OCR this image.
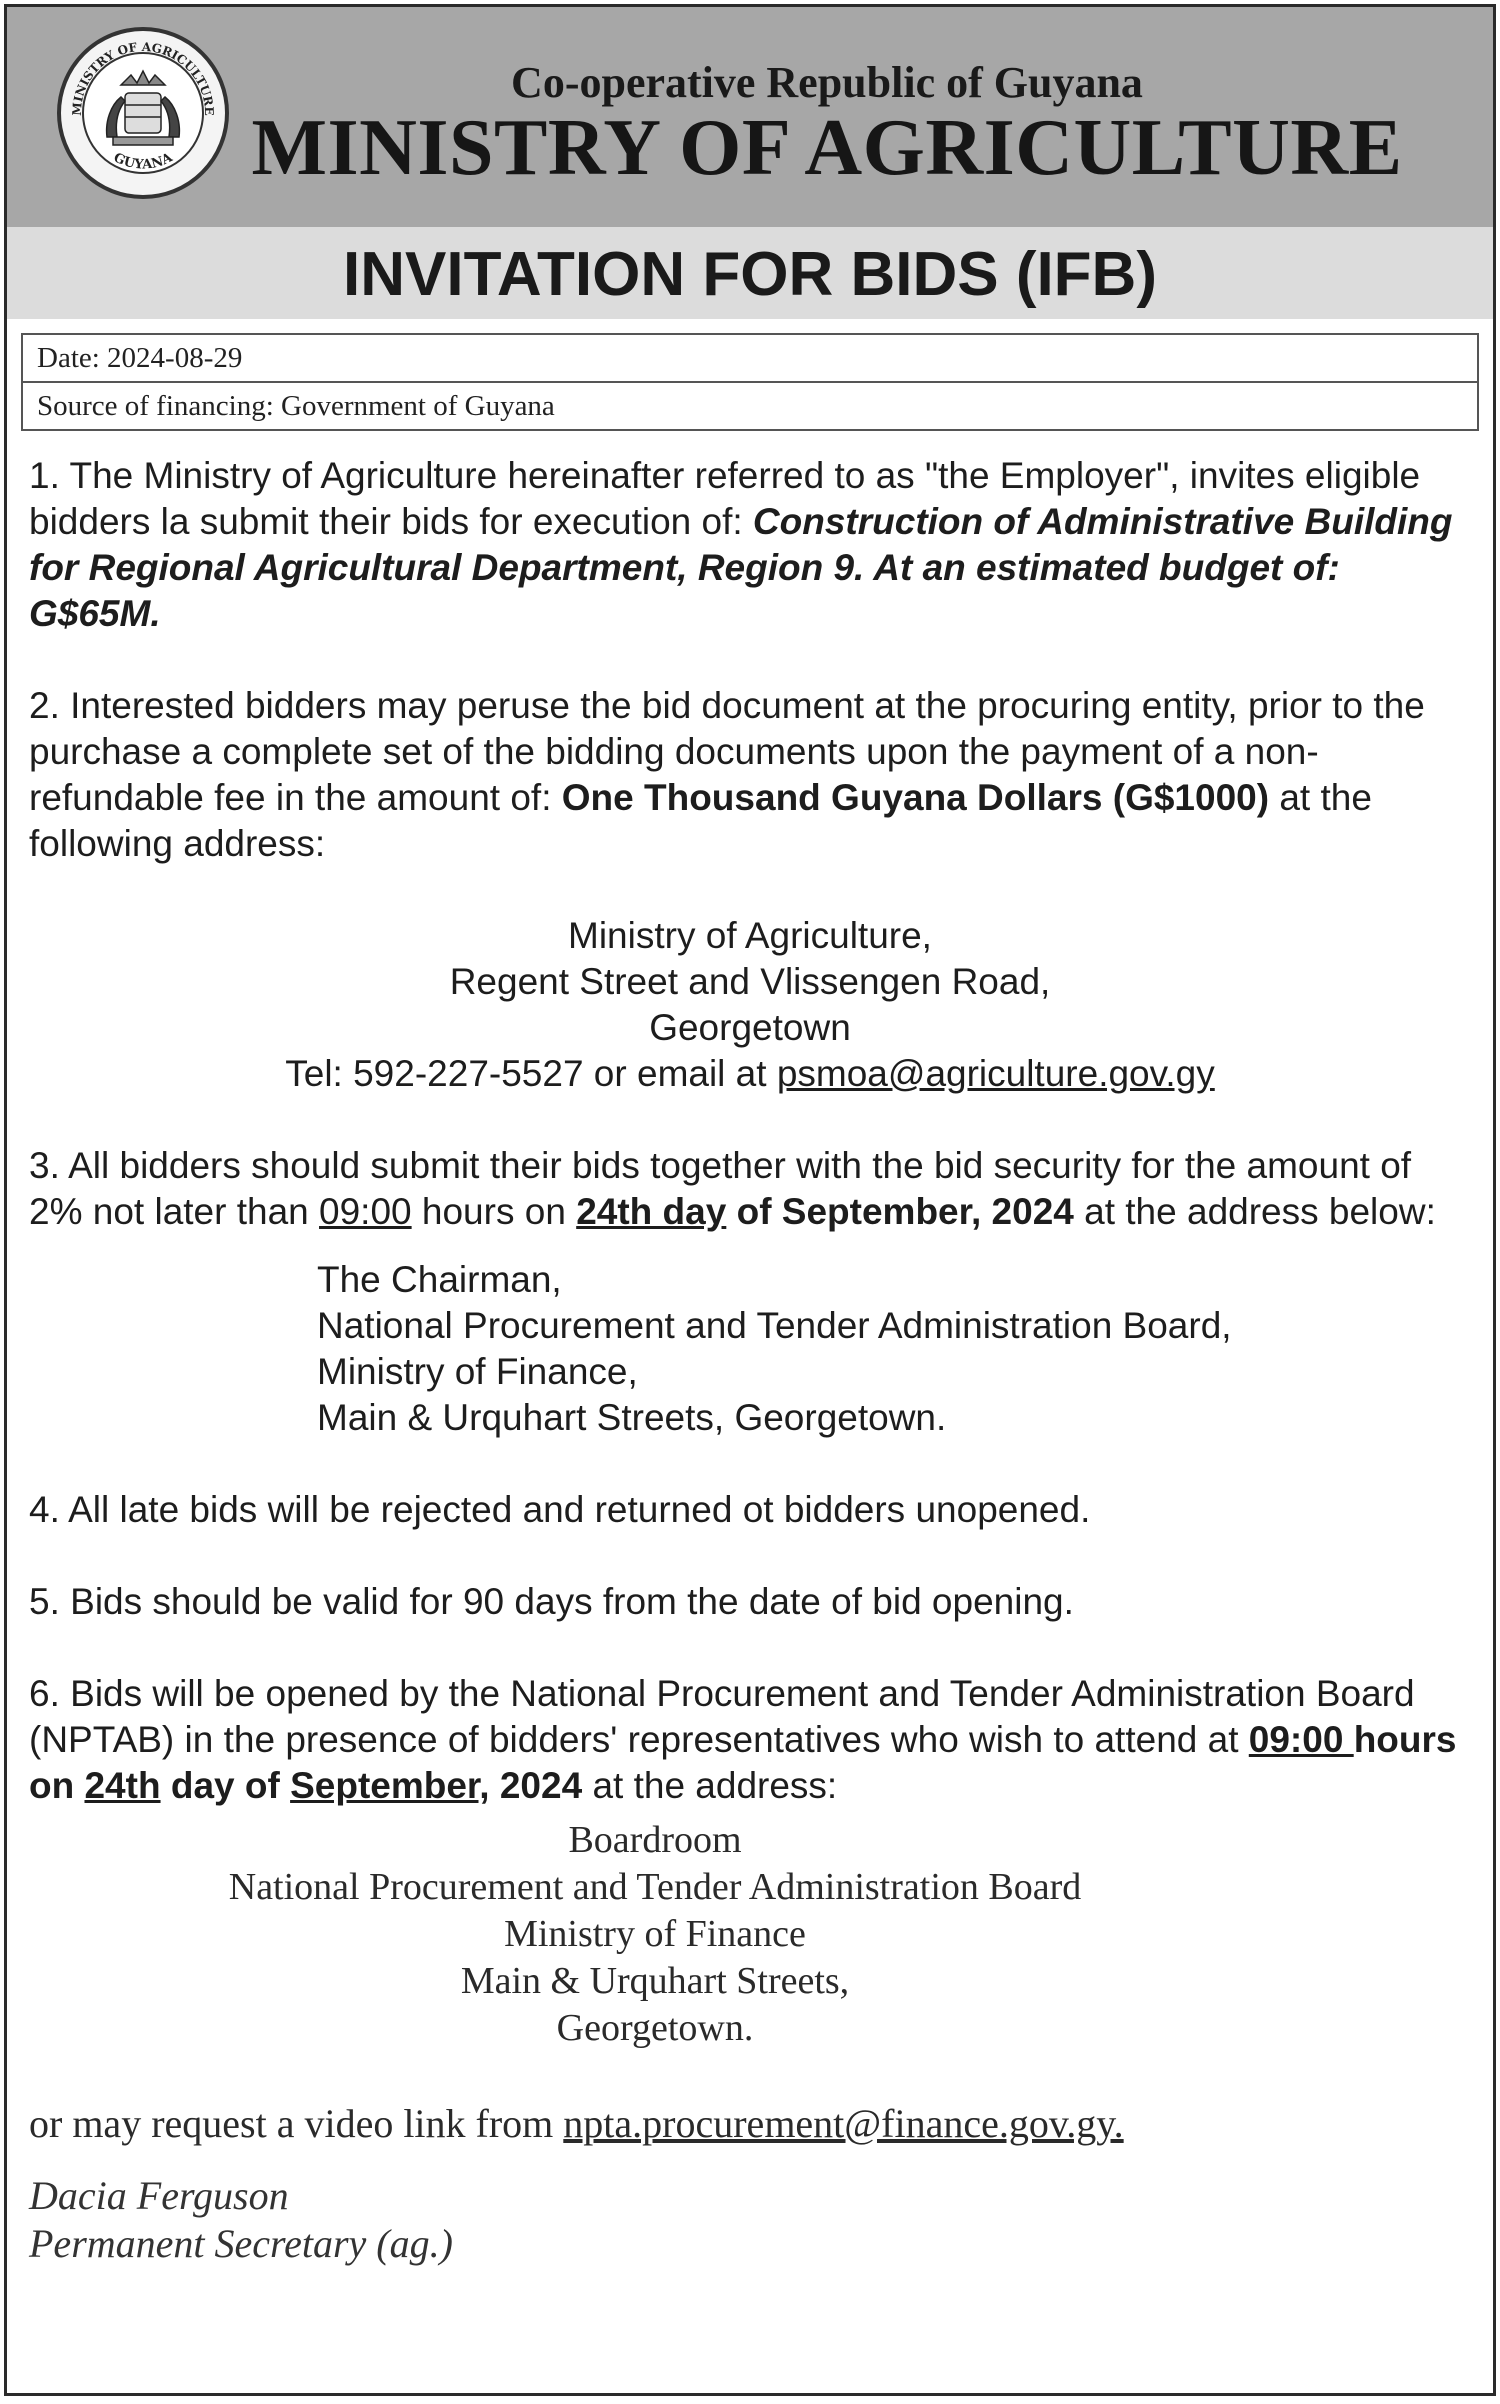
MINISTRY OF AGRICULTURE
GUYANA
Co-operative Republic of Guyana
MINISTRY OF AGRICULTURE
INVITATION FOR BIDS (IFB)
Date: 2024-08-29
Source of financing: Government of Guyana

1. The Ministry of Agriculture hereinafter referred to as "the Employer", invites eligible bidders la submit their bids for execution of: Construction of Administrative Building for Regional Agricultural Department, Region 9. At an estimated budget of: G$65M.

2. Interested bidders may peruse the bid document at the procuring entity, prior to the purchase a complete set of the bidding documents upon the payment of a non-refundable fee in the amount of: One Thousand Guyana Dollars (G$1000) at the following address:

Ministry of Agriculture,
Regent Street and Vlissengen Road,
Georgetown
Tel: 592-227-5527 or email at psmoa@agriculture.gov.gy

3. All bidders should submit their bids together with the bid security for the amount of 2% not later than 09:00 hours on 24th day of September, 2024 at the address below:

The Chairman,
National Procurement and Tender Administration Board,
Ministry of Finance,
Main & Urquhart Streets, Georgetown.

4. All late bids will be rejected and returned ot bidders unopened.

5. Bids should be valid for 90 days from the date of bid opening.

6. Bids will be opened by the National Procurement and Tender Administration Board (NPTAB) in the presence of bidders' representatives who wish to attend at 09:00 hours on 24th day of September, 2024 at the address:

Boardroom
National Procurement and Tender Administration Board
Ministry of Finance
Main & Urquhart Streets,
Georgetown.
or may request a video link from npta.procurement@finance.gov.gy.
Dacia Ferguson
Permanent Secretary (ag.)
